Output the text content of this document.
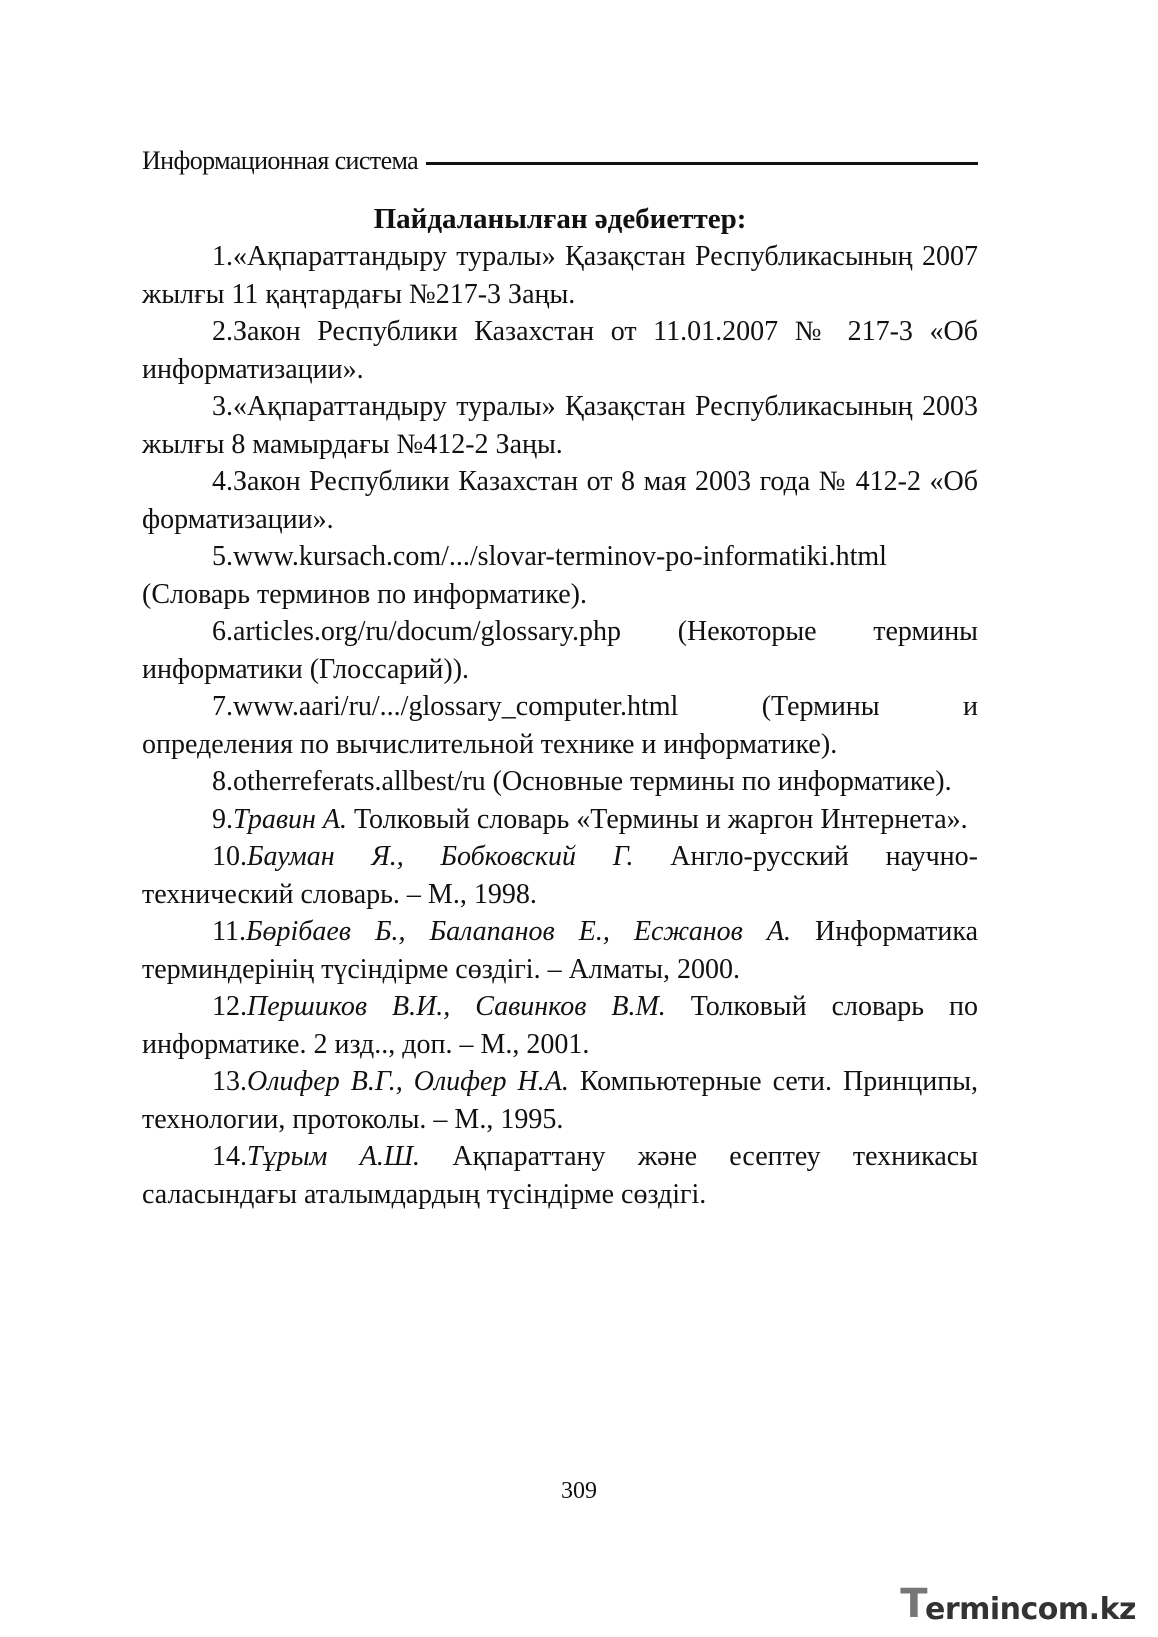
Информационная система
Пайдаланылған әдебиеттер:

1.«Ақпараттандыру туралы» Қазақстан Республикасының 2007 жылғы 11 қаңтардағы №217-3 Заңы.

2.Закон Республики Казахстан от 11.01.2007 № 217-3 «Об информатизации».

3.«Ақпараттандыру туралы» Қазақстан Республикасының 2003 жылғы 8 мамырдағы №412-2 Заңы.

4.Закон Республики Казахстан от 8 мая 2003 года № 412-2 «Об форматизации».

5.www.kursach.com/.../slovar-terminov-po-informatiki.html (Словарь терминов по информатике).

6.articles.org/ru/docum/glossary.php (Некоторые термины информатики (Глоссарий)).

7.www.aari/ru/.../glossary_computer.html (Термины и определения по вычислительной технике и информатике).

8.otherreferats.allbest/ru (Основные термины по информатике).

9.Травин А. Толковый словарь «Термины и жаргон Интернета».

10.Бауман Я., Бобковский Г. Англо-русский научно-технический словарь. – М., 1998.

11.Бөрібаев Б., Балапанов Е., Есжанов А. Информатика терминдерінің түсіндірме сөздігі. – Алматы, 2000.

12.Першиков В.И., Савинков В.М. Толковый словарь по информатике. 2 изд.., доп. – М., 2001.

13.Олифер В.Г., Олифер Н.А. Компьютерные сети. Принципы, технологии, протоколы. – М., 1995.

14.Тұрым А.Ш. Ақпараттану және есептеу техникасы саласындағы аталымдардың түсіндірме сөздігі.

309
T
ermincom.kz
